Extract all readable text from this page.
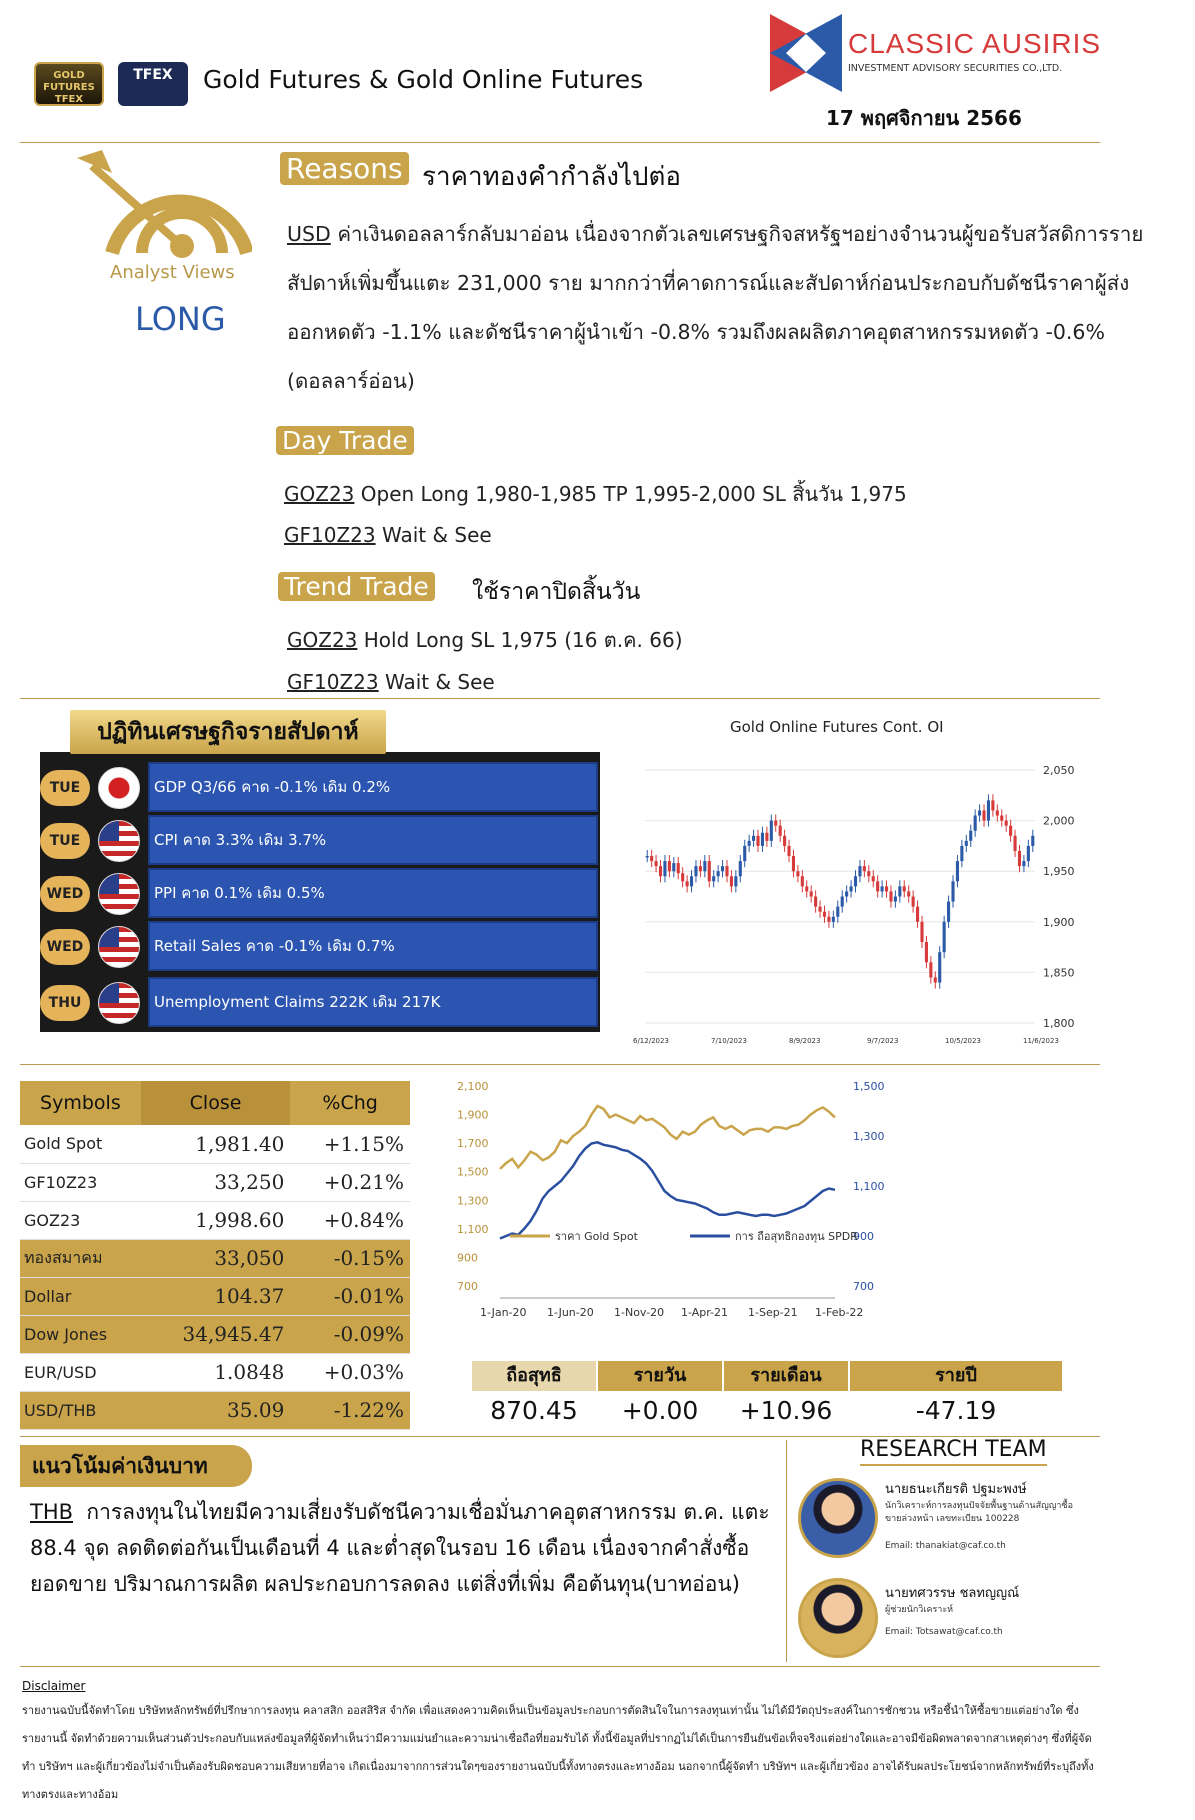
GOLD FUTURES TFEX
TFEX	Gold Futures & Gold Online Futures
CLASSIC AUSIRIS
INVESTMENT ADVISORY SECURITIES CO.,LTD.
17 พฤศจิกายน 2566
Analyst Views
LONG
Reasons ราคาทองคำกำลังไปต่อ
USD ค่าเงินดอลลาร์กลับมาอ่อน เนื่องจากตัวเลขเศรษฐกิจสหรัฐฯอย่างจำนวนผู้ขอรับสวัสดิการรายสัปดาห์เพิ่มขึ้นแตะ 231,000 ราย มากกว่าที่คาดการณ์และสัปดาห์ก่อนประกอบกับดัชนีราคาผู้ส่งออกหดตัว -1.1% และดัชนีราคาผู้นำเข้า -0.8% รวมถึงผลผลิตภาคอุตสาหกรรมหดตัว -0.6% (ดอลลาร์อ่อน)
Day Trade
GOZ23 Open Long 1,980-1,985 TP 1,995-2,000 SL สิ้นวัน 1,975
GF10Z23 Wait & See
Trend Trade ใช้ราคาปิดสิ้นวัน
GOZ23 Hold Long SL 1,975 (16 ต.ค. 66)
GF10Z23 Wait & See
ปฏิทินเศรษฐกิจรายสัปดาห์
TUE	GDP Q3/66 คาด -0.1% เดิม 0.2%
TUE	CPI คาด 3.3% เดิม 3.7%
WED	PPI คาด 0.1% เดิม 0.5%
WED	Retail Sales คาด -0.1% เดิม 0.7%
THU	Unemployment Claims 222K เดิม 217K
Gold Online Futures Cont. OI
2,050
2,000
1,950
1,900
1,850
1,800
6/12/2023	7/10/2023	8/9/2023	9/7/2023	10/5/2023	11/6/2023
Symbols	Close	%Chg
Gold Spot	1,981.40	+1.15%
GF10Z23	33,250	+0.21%
GOZ23	1,998.60	+0.84%
ทองสมาคม	33,050	-0.15%
Dollar	104.37	-0.01%
Dow Jones	34,945.47	-0.09%
EUR/USD	1.0848	+0.03%
USD/THB	35.09	-1.22%
2,100
1,900
1,700
1,500
1,300
1,100
900
700
1,500
1,300
1,100
900
700
1-Jan-20 1-Jun-20 1-Nov-20 1-Apr-21 1-Sep-21 1-Feb-22
ราคา Gold Spot	การ ถือสุทธิกองทุน SPDR
ถือสุทธิ	รายวัน	รายเดือน	รายปี
870.45	+0.00	+10.96	-47.19
แนวโน้มค่าเงินบาท
THB การลงทุนในไทยมีความเสี่ยงรับดัชนีความเชื่อมั่นภาคอุตสาหกรรม ต.ค. แตะ 88.4 จุด ลดติดต่อกันเป็นเดือนที่ 4 และต่ำสุดในรอบ 16 เดือน เนื่องจากคำสั่งซื้อ ยอดขาย ปริมาณการผลิต ผลประกอบการลดลง แต่สิ่งที่เพิ่ม คือต้นทุน(บาทอ่อน)
RESEARCH TEAM
นายธนะเกียรติ ปฐมะพงษ์
นักวิเคราะห์การลงทุนปัจจัยพื้นฐานด้านสัญญาซื้อขายล่วงหน้า เลขทะเบียน 100228
Email: thanakiat@caf.co.th
นายทศวรรษ ชลทญญณ์
ผู้ช่วยนักวิเคราะห์
Email: Totsawat@caf.co.th
Disclaimer
รายงานฉบับนี้จัดทำโดย บริษัทหลักทรัพย์ที่ปรึกษาการลงทุน คลาสสิก ออสสิริส จำกัด เพื่อแสดงความคิดเห็นเป็นข้อมูลประกอบการตัดสินใจในการลงทุนเท่านั้น ไม่ได้มีวัตถุประสงค์ในการชักชวน หรือชี้นำให้ซื้อขายแต่อย่างใด ซึ่งรายงานนี้ จัดทำด้วยความเห็นส่วนตัวประกอบกับแหล่งข้อมูลที่ผู้จัดทำเห็นว่ามีความแม่นยำและความน่าเชื่อถือที่ยอมรับได้ ทั้งนี้ข้อมูลที่ปรากฏไม่ได้เป็นการยืนยันข้อเท็จจริงแต่อย่างใดและอาจมีข้อผิดพลาดจากสาเหตุต่างๆ ซึ่งที่ผู้จัดทำ บริษัทฯ และผู้เกี่ยวข้องไม่จำเป็นต้องรับผิดชอบความเสียหายที่อาจ เกิดเนื่องมาจากการส่วนใดๆของรายงานฉบับนี้ทั้งทางตรงและทางอ้อม นอกจากนี้ผู้จัดทำ บริษัทฯ และผู้เกี่ยวข้อง อาจได้รับผลประโยชน์จากหลักทรัพย์ที่ระบุถึงทั้งทางตรงและทางอ้อม
